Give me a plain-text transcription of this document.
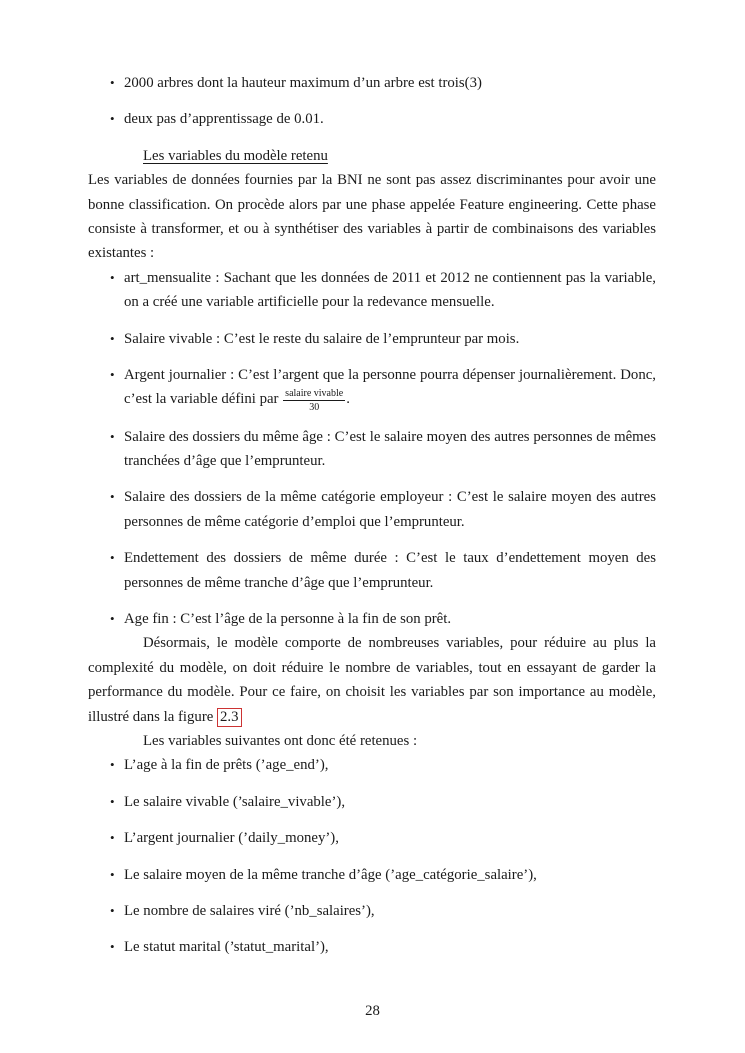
• 2000 arbres dont la hauteur maximum d’un arbre est trois(3)
• deux pas d’apprentissage de 0.01.
Les variables du modèle retenu

Les variables de données fournies par la BNI ne sont pas assez discriminantes pour avoir une bonne classification. On procède alors par une phase appelée Feature engineering. Cette phase consiste à transformer, et ou à synthétiser des variables à partir de combinaisons des variables existantes :

• art_mensualite : Sachant que les données de 2011 et 2012 ne contiennent pas la variable, on a créé une variable artificielle pour la redevance mensuelle.
• Salaire vivable : C’est le reste du salaire de l’emprunteur par mois.
• Argent journalier : C’est l’argent que la personne pourra dépenser journalièrement. Donc, c’est la variable défini par $\frac{\text{salaire vivable}}{30}$ .
• Salaire des dossiers du même âge : C’est le salaire moyen des autres personnes de mêmes tranchées d’âge que l’emprunteur.
• Salaire des dossiers de la même catégorie employeur : C’est le salaire moyen des autres personnes de même catégorie d’emploi que l’emprunteur.
• Endettement des dossiers de même durée : C’est le taux d’endettement moyen des personnes de même tranche d’âge que l’emprunteur.
• Age fin : C’est l’âge de la personne à la fin de son prêt.

Désormais, le modèle comporte de nombreuses variables, pour réduire au plus la complexité du modèle, on doit réduire le nombre de variables, tout en essayant de garder la performance du modèle. Pour ce faire, on choisit les variables par son importance au modèle, illustré dans la figure 2.3

Les variables suivantes ont donc été retenues :

• L’age à la fin de prêts (’age_end’),
• Le salaire vivable (’salaire_vivable’),
• L’argent journalier (’daily_money’),
• Le salaire moyen de la même tranche d’âge (’age_catégorie_salaire’),
• Le nombre de salaires viré (’nb_salaires’),
• Le statut marital (’statut_marital’),
28
